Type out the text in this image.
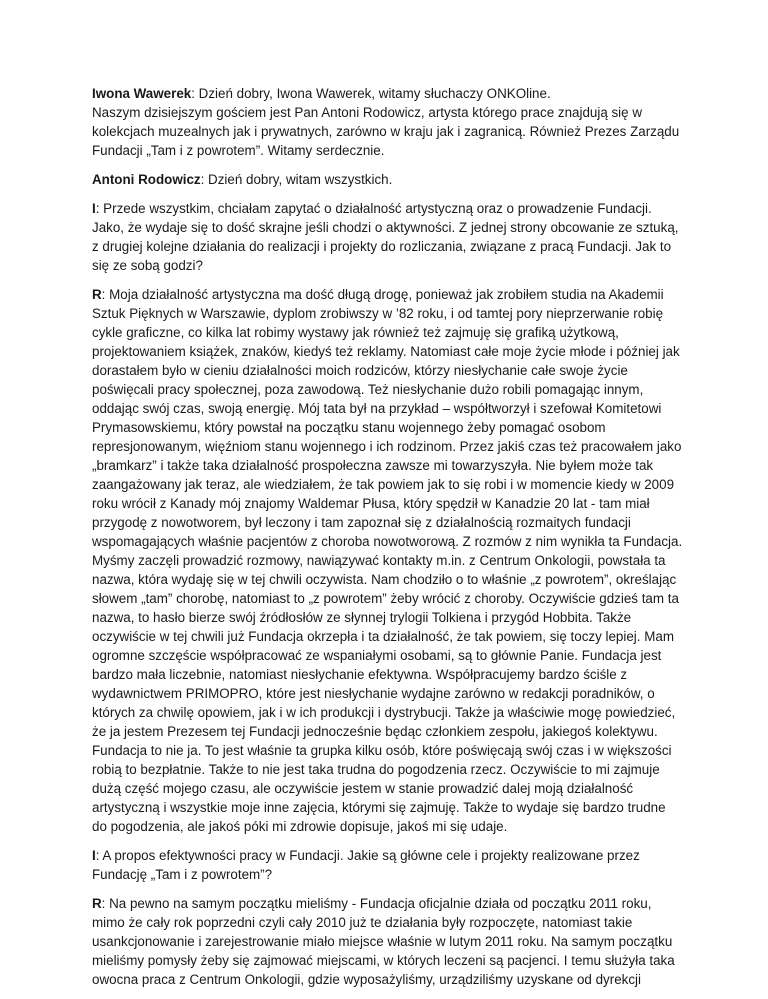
Iwona Wawerek: Dzień dobry, Iwona Wawerek, witamy słuchaczy ONKOline.
Naszym dzisiejszym gościem jest Pan Antoni Rodowicz, artysta którego prace znajdują się w kolekcjach muzealnych jak i prywatnych, zarówno w kraju jak i zagranicą. Również Prezes Zarządu Fundacji „Tam i z powrotem”. Witamy serdecznie.

Antoni Rodowicz: Dzień dobry, witam wszystkich.

I: Przede wszystkim, chciałam zapytać o działalność artystyczną oraz o prowadzenie Fundacji. Jako, że wydaje się to dość skrajne jeśli chodzi o aktywności. Z jednej strony obcowanie ze sztuką, z drugiej kolejne działania do realizacji i projekty do rozliczania, związane z pracą Fundacji. Jak to się ze sobą godzi?

R: Moja działalność artystyczna ma dość długą drogę, ponieważ jak zrobiłem studia na Akademii Sztuk Pięknych w Warszawie, dyplom zrobiwszy w ’82 roku, i od tamtej pory nieprzerwanie robię cykle graficzne, co kilka lat robimy wystawy jak również też zajmuję się grafiką użytkową, projektowaniem książek, znaków, kiedyś też reklamy. Natomiast całe moje życie młode i później jak dorastałem było w cieniu działalności moich rodziców, którzy niesłychanie całe swoje życie poświęcali pracy społecznej, poza zawodową. Też niesłychanie dużo robili pomagając innym, oddając swój czas, swoją energię. Mój tata był na przykład – współtworzył i szefował Komitetowi Prymasowskiemu, który powstał na początku stanu wojennego żeby pomagać osobom represjonowanym, więźniom stanu wojennego i ich rodzinom. Przez jakiś czas też pracowałem jako „bramkarz” i także taka działalność prospołeczna zawsze mi towarzyszyła. Nie byłem może tak zaangażowany jak teraz, ale wiedziałem, że tak powiem jak to się robi i w momencie kiedy w 2009 roku wrócił z Kanady mój znajomy Waldemar Płusa, który spędził w Kanadzie 20 lat - tam miał przygodę z nowotworem, był leczony i tam zapoznał się z działalnością rozmaitych fundacji wspomagających właśnie pacjentów z choroba nowotworową. Z rozmów z nim wynikła ta Fundacja. Myśmy zaczęli prowadzić rozmowy, nawiązywać kontakty m.in. z Centrum Onkologii, powstała ta nazwa, która wydaję się w tej chwili oczywista. Nam chodziło o to właśnie „z powrotem”, określając słowem „tam” chorobę, natomiast to „z powrotem” żeby wrócić z choroby. Oczywiście gdzieś tam ta nazwa, to hasło bierze swój źródłosłów ze słynnej trylogii Tolkiena i przygód Hobbita. Także oczywiście w tej chwili już Fundacja okrzepła i ta działalność, że tak powiem, się toczy lepiej. Mam ogromne szczęście współpracować ze wspaniałymi osobami, są to głównie Panie. Fundacja jest bardzo mała liczebnie, natomiast niesłychanie efektywna. Współpracujemy bardzo ściśle z wydawnictwem PRIMOPRO, które jest niesłychanie wydajne zarówno w redakcji poradników, o których za chwilę opowiem, jak i w ich produkcji i dystrybucji. Także ja właściwie mogę powiedzieć, że ja jestem Prezesem tej Fundacji jednocześnie będąc członkiem zespołu, jakiegoś kolektywu. Fundacja to nie ja. To jest właśnie ta grupka kilku osób, które poświęcają swój czas i w większości robią to bezpłatnie. Także to nie jest taka trudna do pogodzenia rzecz. Oczywiście to mi zajmuje dużą część mojego czasu, ale oczywiście jestem w stanie prowadzić dalej moją działalność artystyczną i wszystkie moje inne zajęcia, którymi się zajmuję. Także to wydaje się bardzo trudne do pogodzenia, ale jakoś póki mi zdrowie dopisuje, jakoś mi się udaje.

I: A propos efektywności pracy w Fundacji. Jakie są główne cele i projekty realizowane przez Fundację „Tam i z powrotem”?

R: Na pewno na samym początku mieliśmy - Fundacja oficjalnie działa od początku 2011 roku, mimo że cały rok poprzedni czyli cały 2010 już te działania były rozpoczęte, natomiast takie usankcjonowanie i zarejestrowanie miało miejsce właśnie w lutym 2011 roku. Na samym początku mieliśmy pomysły żeby się zajmować miejscami, w których leczeni są pacjenci. I temu służyła taka owocna praca z Centrum Onkologii, gdzie wyposażyliśmy, urządziliśmy uzyskane od dyrekcji
